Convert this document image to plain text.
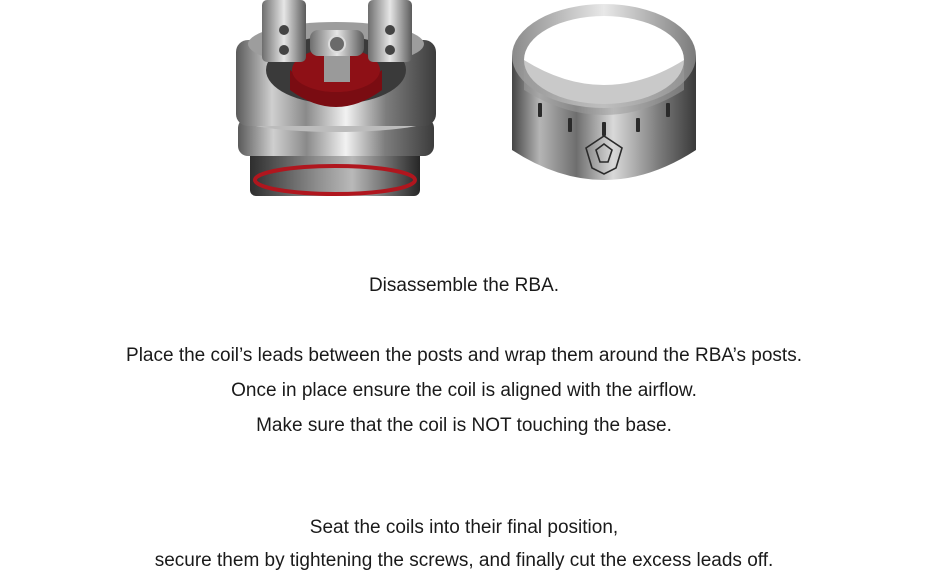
Disassemble the RBA.
Place the coil’s leads between the posts and wrap them around the RBA’s posts.
Once in place ensure the coil is aligned with the airflow.
Make sure that the coil is NOT touching the base.
Seat the coils into their final position,
secure them by tightening the screws, and finally cut the excess leads off.
